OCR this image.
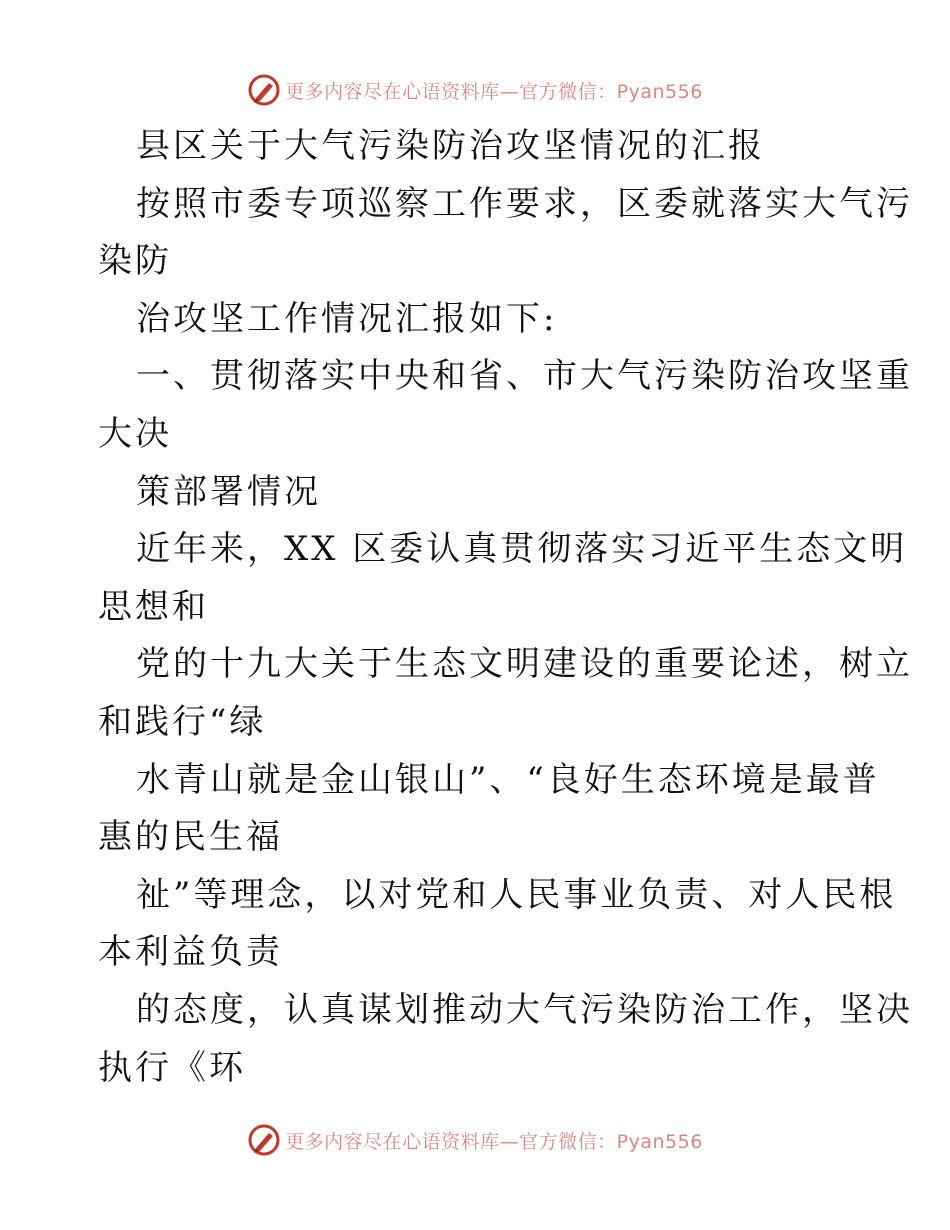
更多内容尽在心语资料库—官方微信：Pyan556
县区关于大气污染防治攻坚情况的汇报
按照市委专项巡察工作要求，区委就落实大气污
染防
治攻坚工作情况汇报如下:
一、贯彻落实中央和省、市大气污染防治攻坚重
大决
策部署情况
近年来，XX 区委认真贯彻落实习近平生态文明
思想和
党的十九大关于生态文明建设的重要论述，树立
和践行“绿
水青山就是金山银山”、“良好生态环境是最普
惠的民生福
祉”等理念，以对党和人民事业负责、对人民根
本利益负责
的态度，认真谋划推动大气污染防治工作，坚决
执行《环
更多内容尽在心语资料库—官方微信：Pyan556
